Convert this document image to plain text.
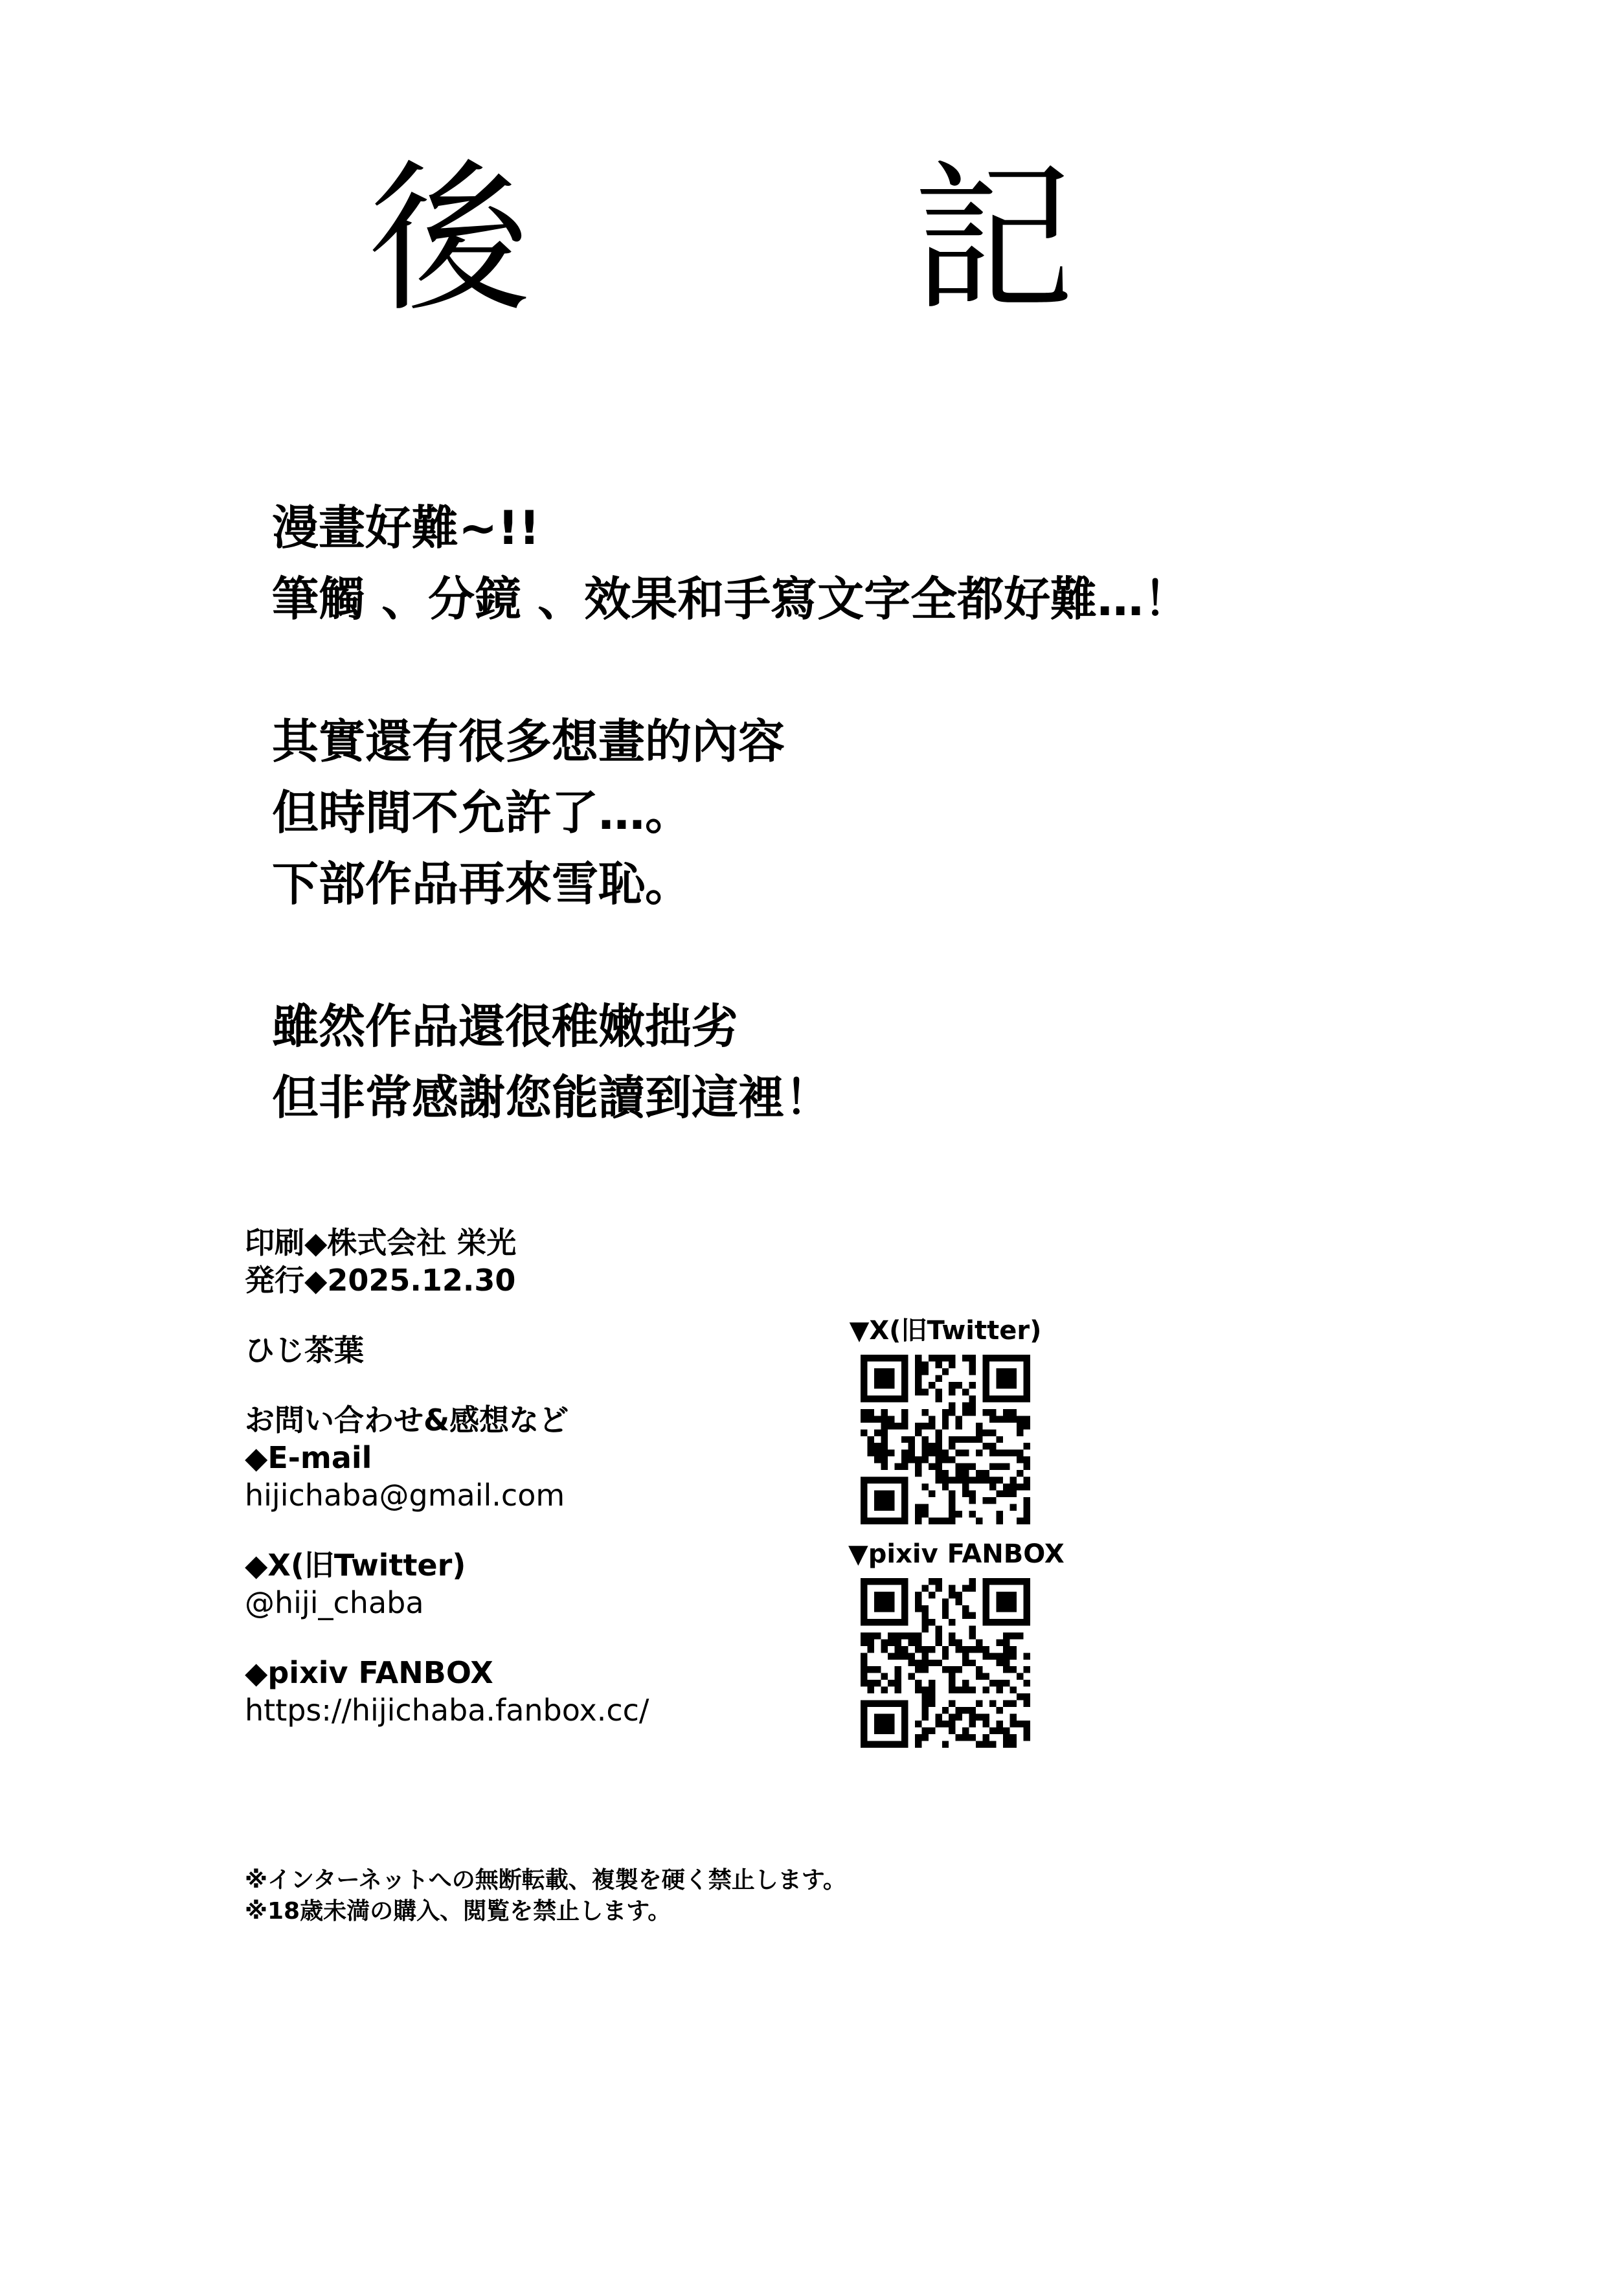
後　記
漫畫好難~!!
筆觸 、分鏡 、效果和手寫文字全都好難…！
其實還有很多想畫的內容
但時間不允許了…。
下部作品再來雪恥。
雖然作品還很稚嫩拙劣
但非常感謝您能讀到這裡！
印刷◆株式会社 栄光
発行◆2025.12.30
ひじ茶葉
お問い合わせ&感想など
◆E-mail
hijichaba@gmail.com
◆X(旧Twitter)
@hiji_chaba
◆pixiv FANBOX
https://hijichaba.fanbox.cc/
▼X(旧Twitter)
▼pixiv FANBOX
※インターネットへの無断転載、複製を硬く禁止します。
※18歳未満の購入、閲覧を禁止します。
